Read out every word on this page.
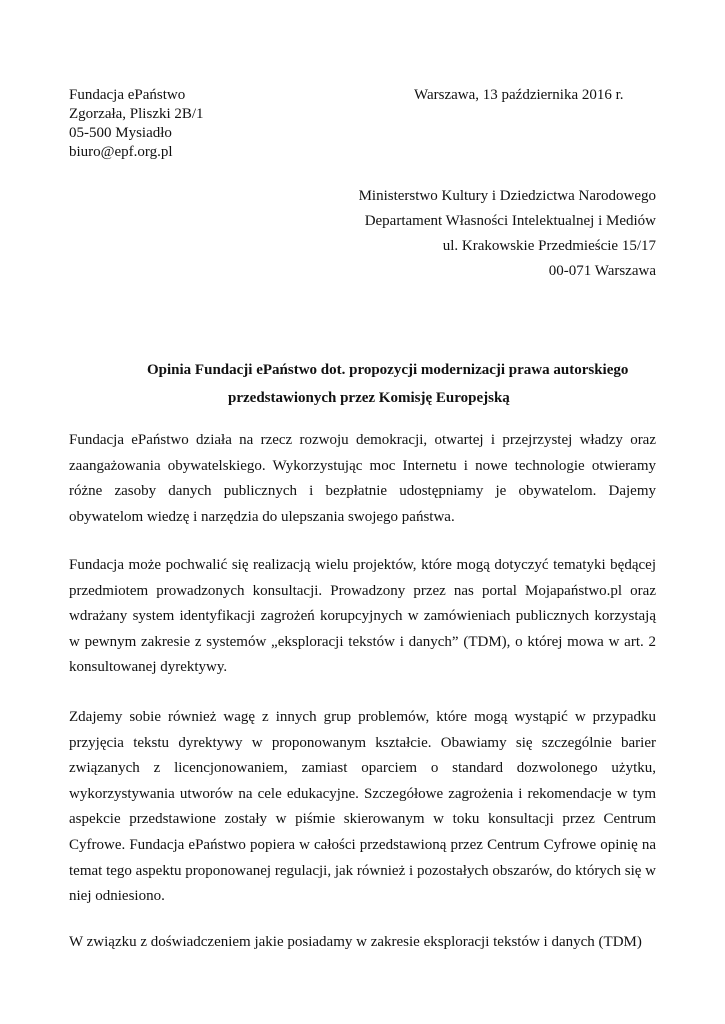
Fundacja ePaństwo
Zgorzała, Pliszki 2B/1
05-500 Mysiadło
biuro@epf.org.pl
Warszawa, 13 października 2016 r.
Ministerstwo Kultury i Dziedzictwa Narodowego
Departament Własności Intelektualnej i Mediów
ul. Krakowskie Przedmieście 15/17
00-071 Warszawa
Opinia Fundacji ePaństwo dot. propozycji modernizacji prawa autorskiego
przedstawionych przez Komisję Europejską

Fundacja ePaństwo działa na rzecz rozwoju demokracji, otwartej i przejrzystej władzy oraz zaangażowania obywatelskiego. Wykorzystując moc Internetu i nowe technologie otwieramy różne zasoby danych publicznych i bezpłatnie udostępniamy je obywatelom. Dajemy obywatelom wiedzę i narzędzia do ulepszania swojego państwa.

Fundacja może pochwalić się realizacją wielu projektów, które mogą dotyczyć tematyki będącej przedmiotem prowadzonych konsultacji. Prowadzony przez nas portal Mojapaństwo.pl oraz wdrażany system identyfikacji zagrożeń korupcyjnych w zamówieniach publicznych korzystają w pewnym zakresie z systemów „eksploracji tekstów i danych” (TDM), o której mowa w art. 2 konsultowanej dyrektywy.

Zdajemy sobie również wagę z innych grup problemów, które mogą wystąpić w przypadku przyjęcia tekstu dyrektywy w proponowanym kształcie. Obawiamy się szczególnie barier związanych z licencjonowaniem, zamiast oparciem o standard dozwolonego użytku, wykorzystywania utworów na cele edukacyjne. Szczegółowe zagrożenia i rekomendacje w tym aspekcie przedstawione zostały w piśmie skierowanym w toku konsultacji przez Centrum Cyfrowe. Fundacja ePaństwo popiera w całości przedstawioną przez Centrum Cyfrowe opinię na temat tego aspektu proponowanej regulacji, jak również i pozostałych obszarów, do których się w niej odniesiono.

W związku z doświadczeniem jakie posiadamy w zakresie eksploracji tekstów i danych (TDM)
